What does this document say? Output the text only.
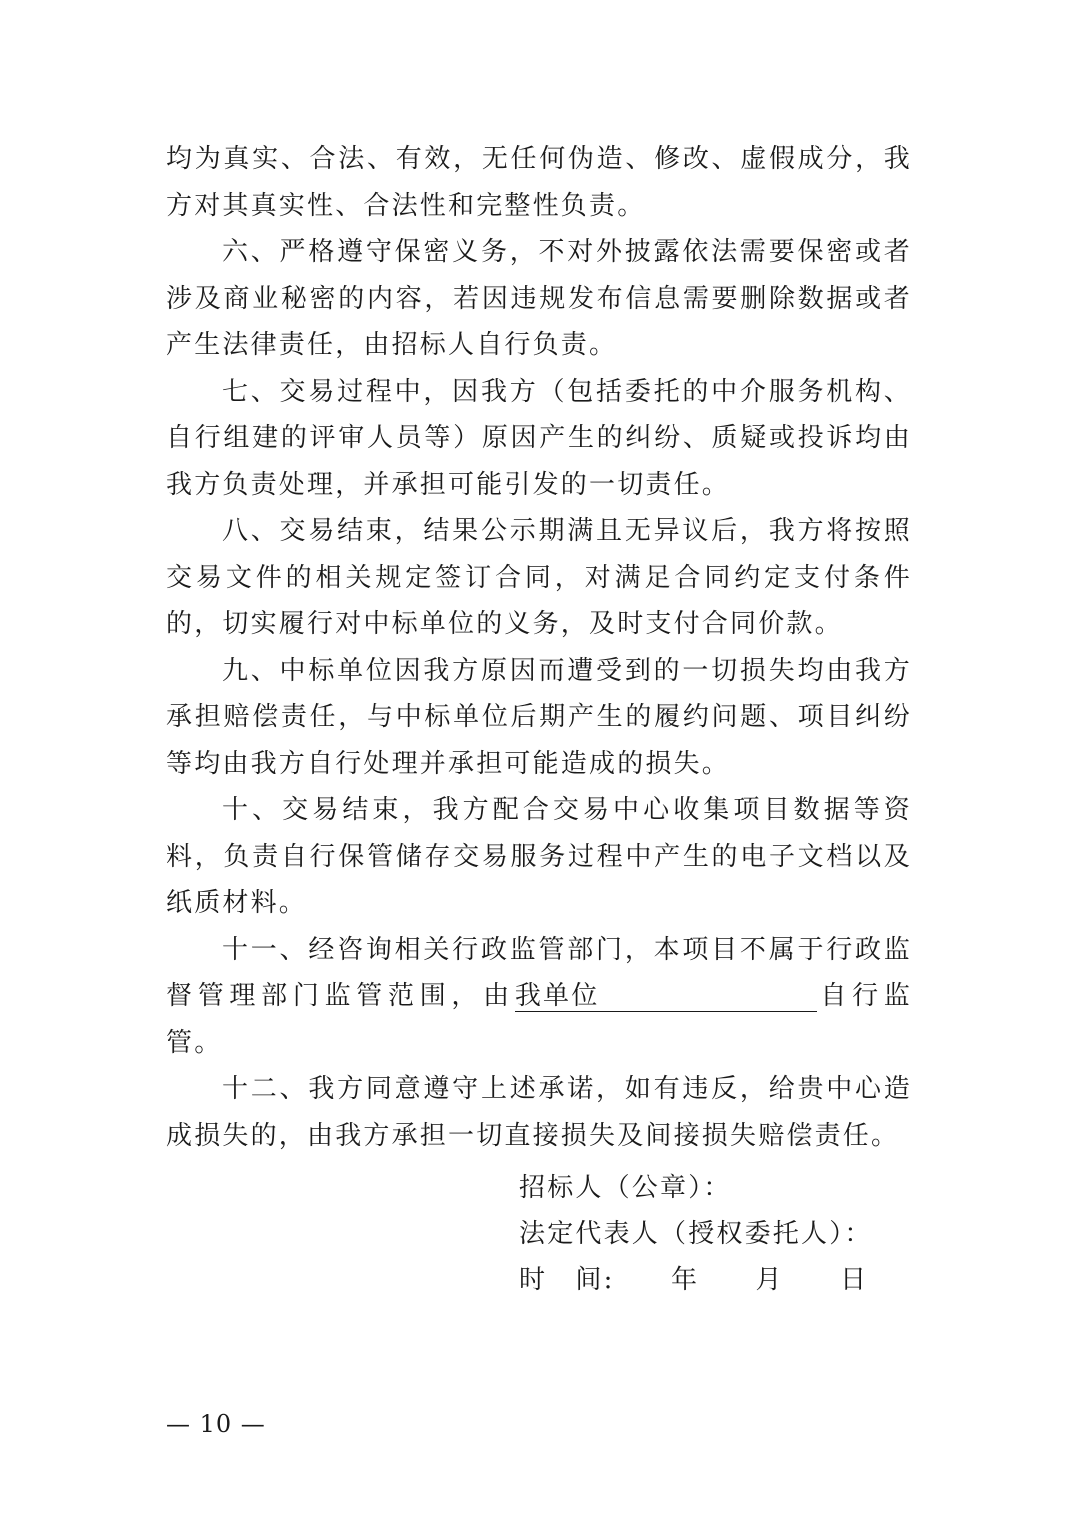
均为真实、合法、有效，无任何伪造、修改、虚假成分，我方对其真实性、合法性和完整性负责。

六、严格遵守保密义务，不对外披露依法需要保密或者涉及商业秘密的内容，若因违规发布信息需要删除数据或者产生法律责任，由招标人自行负责。

七、交易过程中，因我方（包括委托的中介服务机构、自行组建的评审人员等）原因产生的纠纷、质疑或投诉均由我方负责处理，并承担可能引发的一切责任。

八、交易结束，结果公示期满且无异议后，我方将按照交易文件的相关规定签订合同，对满足合同约定支付条件的，切实履行对中标单位的义务，及时支付合同价款。

九、中标单位因我方原因而遭受到的一切损失均由我方承担赔偿责任，与中标单位后期产生的履约问题、项目纠纷等均由我方自行处理并承担可能造成的损失。

十、交易结束，我方配合交易中心收集项目数据等资料，负责自行保管储存交易服务过程中产生的电子文档以及纸质材料。

十一、经咨询相关行政监管部门，本项目不属于行政监督管理部门监管范围，由我单位	自行监管。

十二、我方同意遵守上述承诺，如有违反，给贵中心造成损失的，由我方承担一切直接损失及间接损失赔偿责任。

招标人（公章）：
法定代表人（授权委托人）：
时　间:　　年　　月　　日
— 10 —
